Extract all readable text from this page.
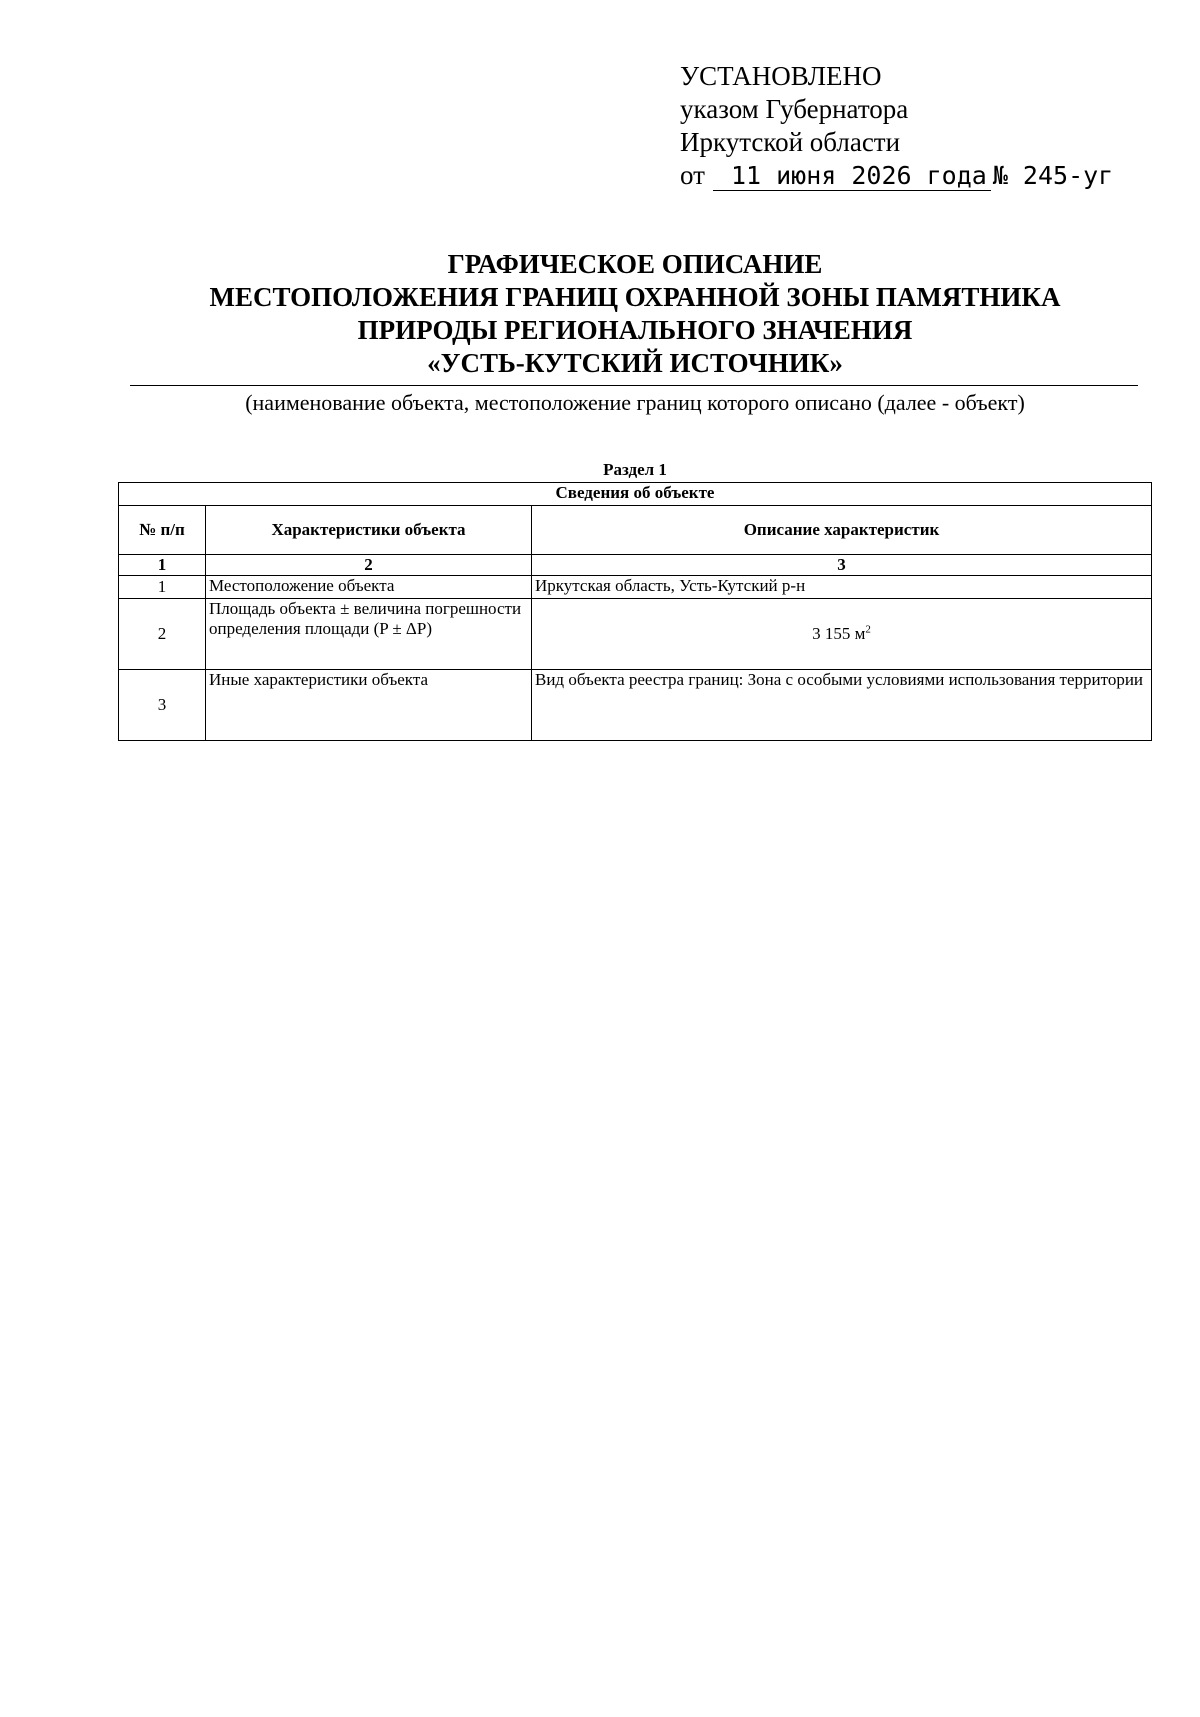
УСТАНОВЛЕНО
указом Губернатора
Иркутской области
от	11 июня 2026 года № 245-уг
ГРАФИЧЕСКОЕ ОПИСАНИЕ
МЕСТОПОЛОЖЕНИЯ ГРАНИЦ ОХРАННОЙ ЗОНЫ ПАМЯТНИКА
ПРИРОДЫ РЕГИОНАЛЬНОГО ЗНАЧЕНИЯ
«УСТЬ-КУТСКИЙ ИСТОЧНИК»
(наименование объекта, местоположение границ которого описано (далее - объект)
Раздел 1
Сведения об объекте		
№ п/п	Характеристики объекта	Описание характеристик
1	2	3
1	Местоположение объекта	Иркутская область, Усть-Кутский р-н
2	Площадь объекта ± величина погрешности определения площади (P ± ΔP)	3 155 $м^2$
3	Иные характеристики объекта	Вид объекта реестра границ: Зона с особыми условиями использования территории
